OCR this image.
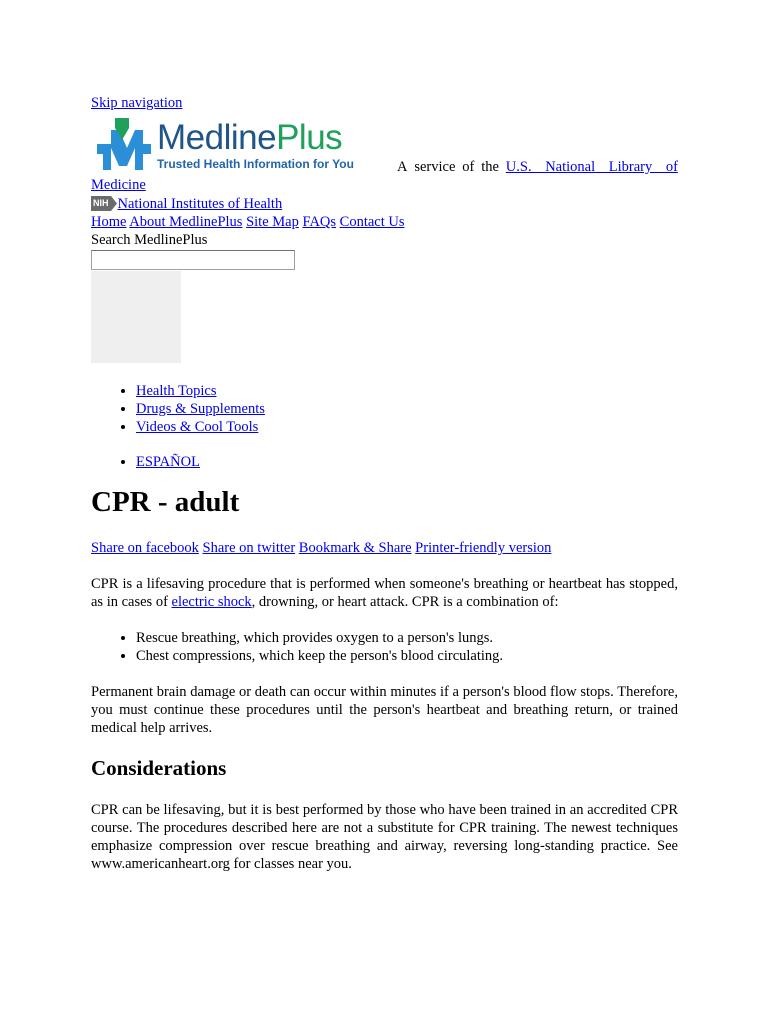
Skip navigation
MedlinePlus
Trusted Health Information for You	A service of the U.S. National Library of
Medicine
NIH National Institutes of Health
Home About MedlinePlus Site Map FAQs Contact Us
Search MedlinePlus
• Health Topics
• Drugs & Supplements
• Videos & Cool Tools
• ESPAÑOL
CPR - adult
Share on facebook Share on twitter Bookmark & Share Printer-friendly version

CPR is a lifesaving procedure that is performed when someone's breathing or heartbeat has stopped, as in cases of electric shock, drowning, or heart attack. CPR is a combination of:

• Rescue breathing, which provides oxygen to a person's lungs.
• Chest compressions, which keep the person's blood circulating.

Permanent brain damage or death can occur within minutes if a person's blood flow stops. Therefore, you must continue these procedures until the person's heartbeat and breathing return, or trained medical help arrives.

Considerations

CPR can be lifesaving, but it is best performed by those who have been trained in an accredited CPR course. The procedures described here are not a substitute for CPR training. The newest techniques emphasize compression over rescue breathing and airway, reversing long-standing practice. See www.americanheart.org for classes near you.
